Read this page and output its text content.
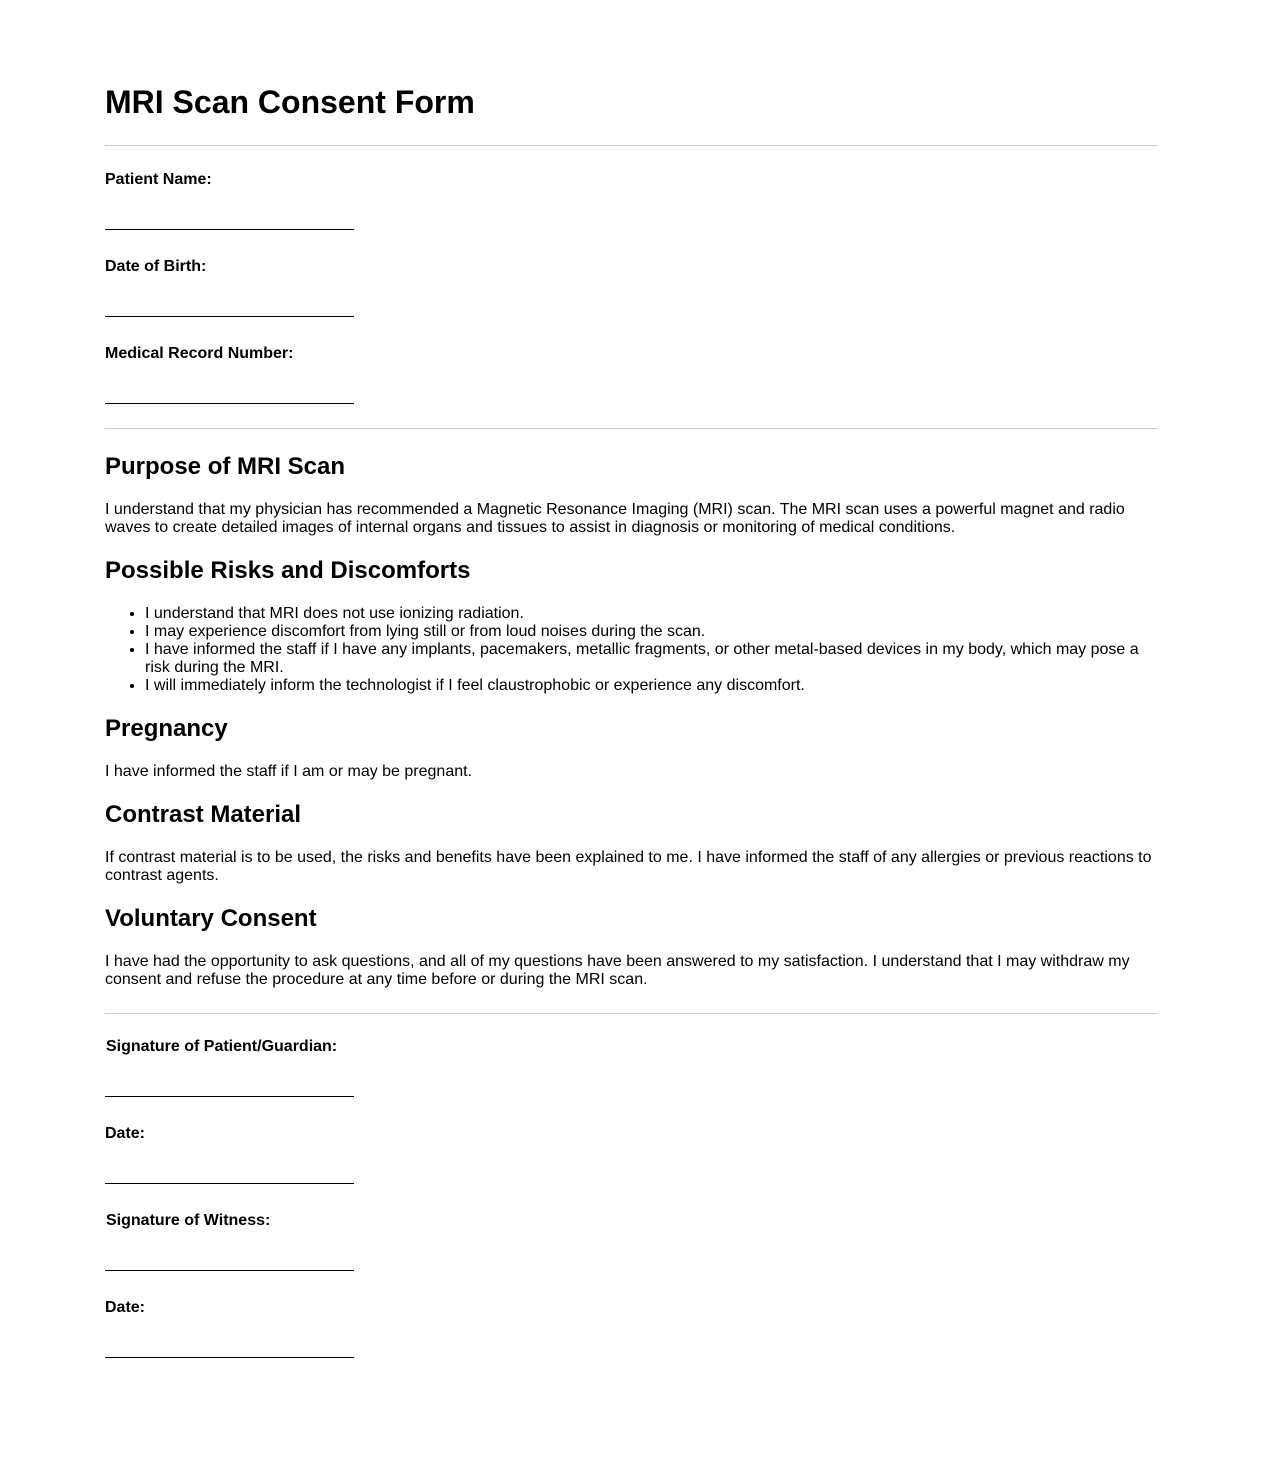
MRI Scan Consent Form
Patient Name:
Date of Birth:
Medical Record Number:
Purpose of MRI Scan

I understand that my physician has recommended a Magnetic Resonance Imaging (MRI) scan. The MRI scan uses a powerful magnet and radio waves to create detailed images of internal organs and tissues to assist in diagnosis or monitoring of medical conditions.

Possible Risks and Discomforts
• I understand that MRI does not use ionizing radiation.
• I may experience discomfort from lying still or from loud noises during the scan.
• I have informed the staff if I have any implants, pacemakers, metallic fragments, or other metal-based devices in my body, which may pose a risk during the MRI.
• I will immediately inform the technologist if I feel claustrophobic or experience any discomfort.
Pregnancy

I have informed the staff if I am or may be pregnant.

Contrast Material

If contrast material is to be used, the risks and benefits have been explained to me. I have informed the staff of any allergies or previous reactions to contrast agents.

Voluntary Consent

I have had the opportunity to ask questions, and all of my questions have been answered to my satisfaction. I understand that I may withdraw my consent and refuse the procedure at any time before or during the MRI scan.

Signature of Patient/Guardian:
Date:
Signature of Witness:
Date:
